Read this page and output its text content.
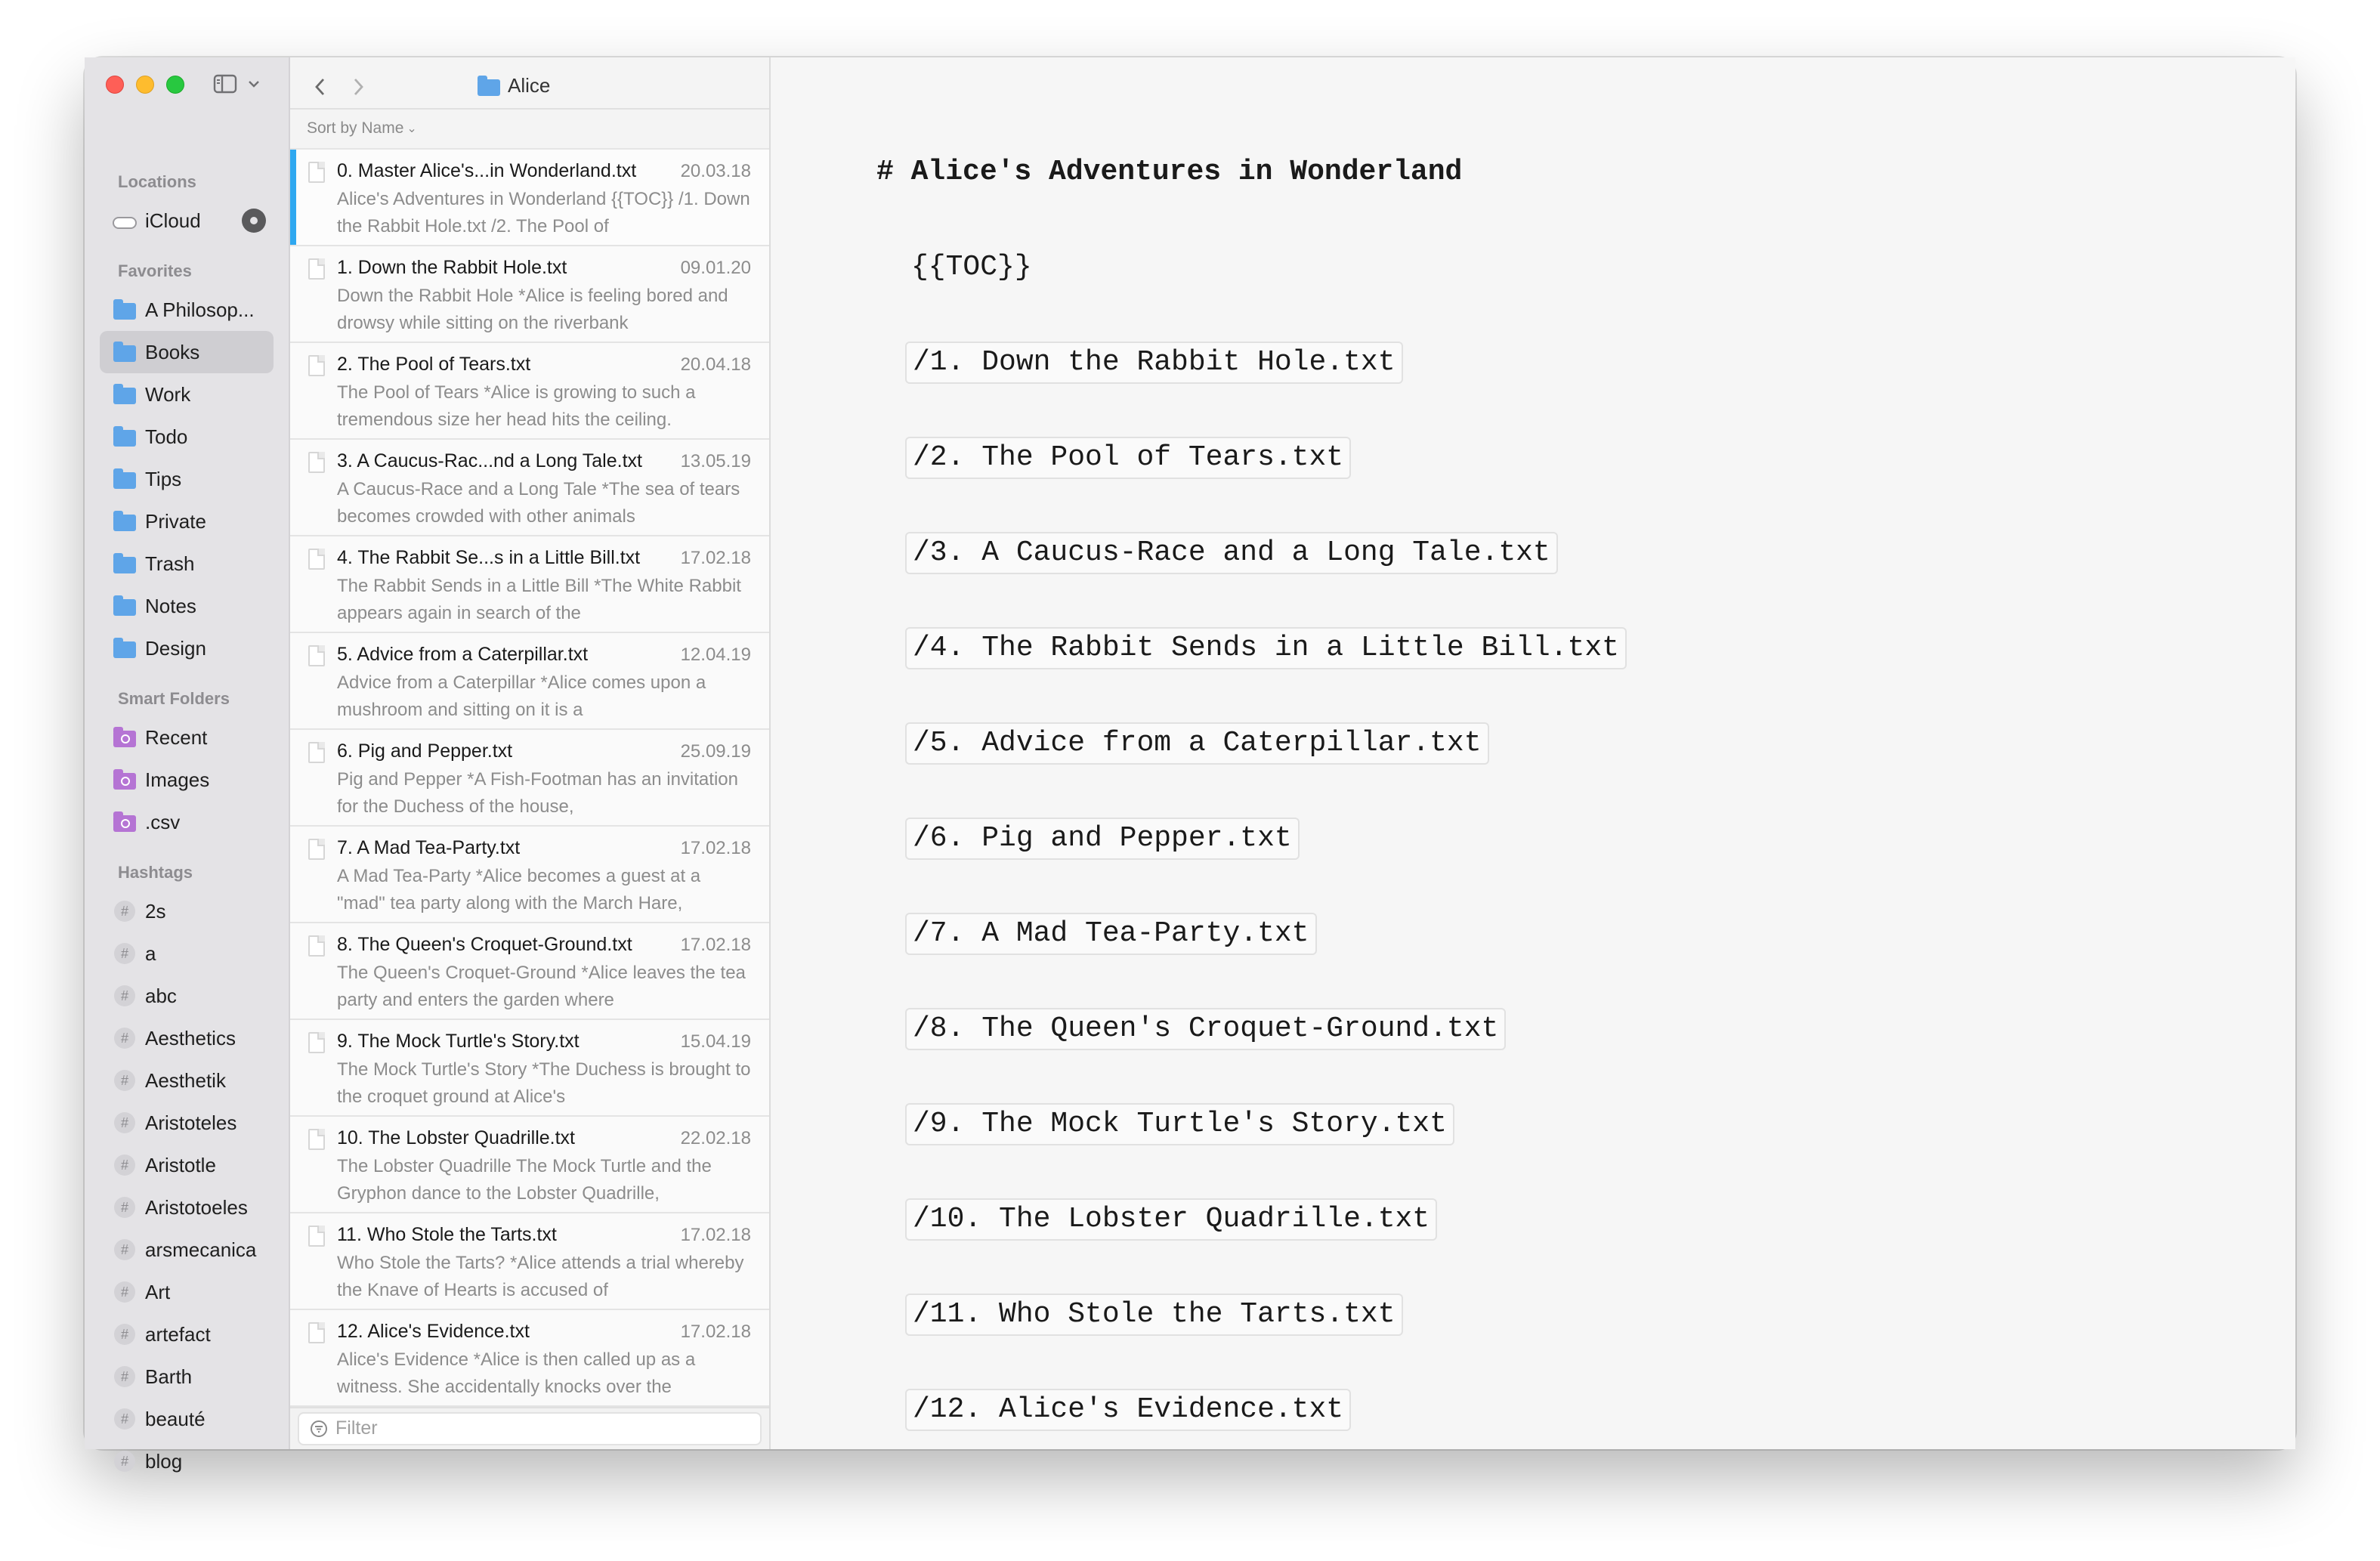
Locations
iCloud
Favorites
A Philosop...
Books
Work
Todo
Tips
Private
Trash
Notes
Design
Smart Folders
Recent
Images
.csv
Hashtags
# 2s
# a
# abc
# Aesthetics
# Aesthetik
# Aristoteles
# Aristotle
# Aristotoeles
# arsmecanica
# Art
# artefact
# Barth
# beauté
# blog
Alice
Sort by Name ⌄
0. Master Alice's...in Wonderland.txt 20.03.18
Alice's Adventures in Wonderland {{TOC}} /1. Down the Rabbit Hole.txt /2. The Pool of
1. Down the Rabbit Hole.txt	09.01.20
Down the Rabbit Hole *Alice is feeling bored and drowsy while sitting on the riverbank
2. The Pool of Tears.txt	20.04.18
The Pool of Tears *Alice is growing to such a tremendous size her head hits the ceiling.
3. A Caucus-Rac...nd a Long Tale.txt 13.05.19
A Caucus-Race and a Long Tale *The sea of tears becomes crowded with other animals
4. The Rabbit Se...s in a Little Bill.txt 17.02.18
The Rabbit Sends in a Little Bill *The White Rabbit appears again in search of the
5. Advice from a Caterpillar.txt	12.04.19
Advice from a Caterpillar *Alice comes upon a mushroom and sitting on it is a
6. Pig and Pepper.txt	25.09.19
Pig and Pepper *A Fish-Footman has an invitation for the Duchess of the house,
7. A Mad Tea-Party.txt	17.02.18
A Mad Tea-Party *Alice becomes a guest at a "mad" tea party along with the March Hare,
8. The Queen's Croquet-Ground.txt	17.02.18
The Queen's Croquet-Ground *Alice leaves the tea party and enters the garden where
9. The Mock Turtle's Story.txt	15.04.19
The Mock Turtle's Story *The Duchess is brought to the croquet ground at Alice's
10. The Lobster Quadrille.txt	22.02.18
The Lobster Quadrille The Mock Turtle and the Gryphon dance to the Lobster Quadrille,
11. Who Stole the Tarts.txt	17.02.18
Who Stole the Tarts? *Alice attends a trial whereby the Knave of Hearts is accused of
12. Alice's Evidence.txt	17.02.18
Alice's Evidence *Alice is then called up as a witness. She accidentally knocks over the
Filter
# Alice's Adventures in Wonderland
{{TOC}}
/1. Down the Rabbit Hole.txt
/2. The Pool of Tears.txt
/3. A Caucus-Race and a Long Tale.txt
/4. The Rabbit Sends in a Little Bill.txt
/5. Advice from a Caterpillar.txt
/6. Pig and Pepper.txt
/7. A Mad Tea-Party.txt
/8. The Queen's Croquet-Ground.txt
/9. The Mock Turtle's Story.txt
/10. The Lobster Quadrille.txt
/11. Who Stole the Tarts.txt
/12. Alice's Evidence.txt
